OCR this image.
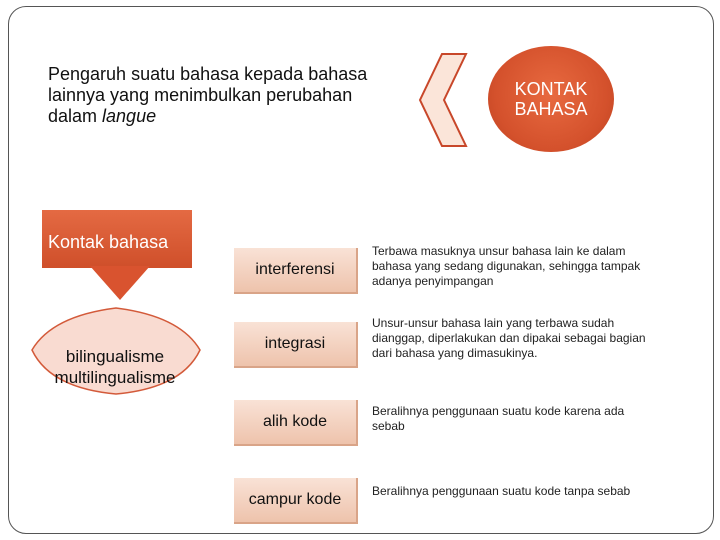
Pengaruh suatu bahasa kepada bahasa
lainnya yang menimbulkan perubahan
dalam langue
KONTAK
BAHASA
Kontak bahasa
bilingualisme
multilingualisme
interferensi
Terbawa masuknya unsur bahasa lain ke dalam bahasa yang sedang digunakan, sehingga tampak adanya penyimpangan
integrasi
Unsur-unsur bahasa lain yang terbawa sudah dianggap, diperlakukan dan dipakai sebagai bagian dari bahasa yang dimasukinya.
alih kode
Beralihnya penggunaan suatu kode karena ada sebab
campur kode	Beralihnya penggunaan suatu kode tanpa sebab
